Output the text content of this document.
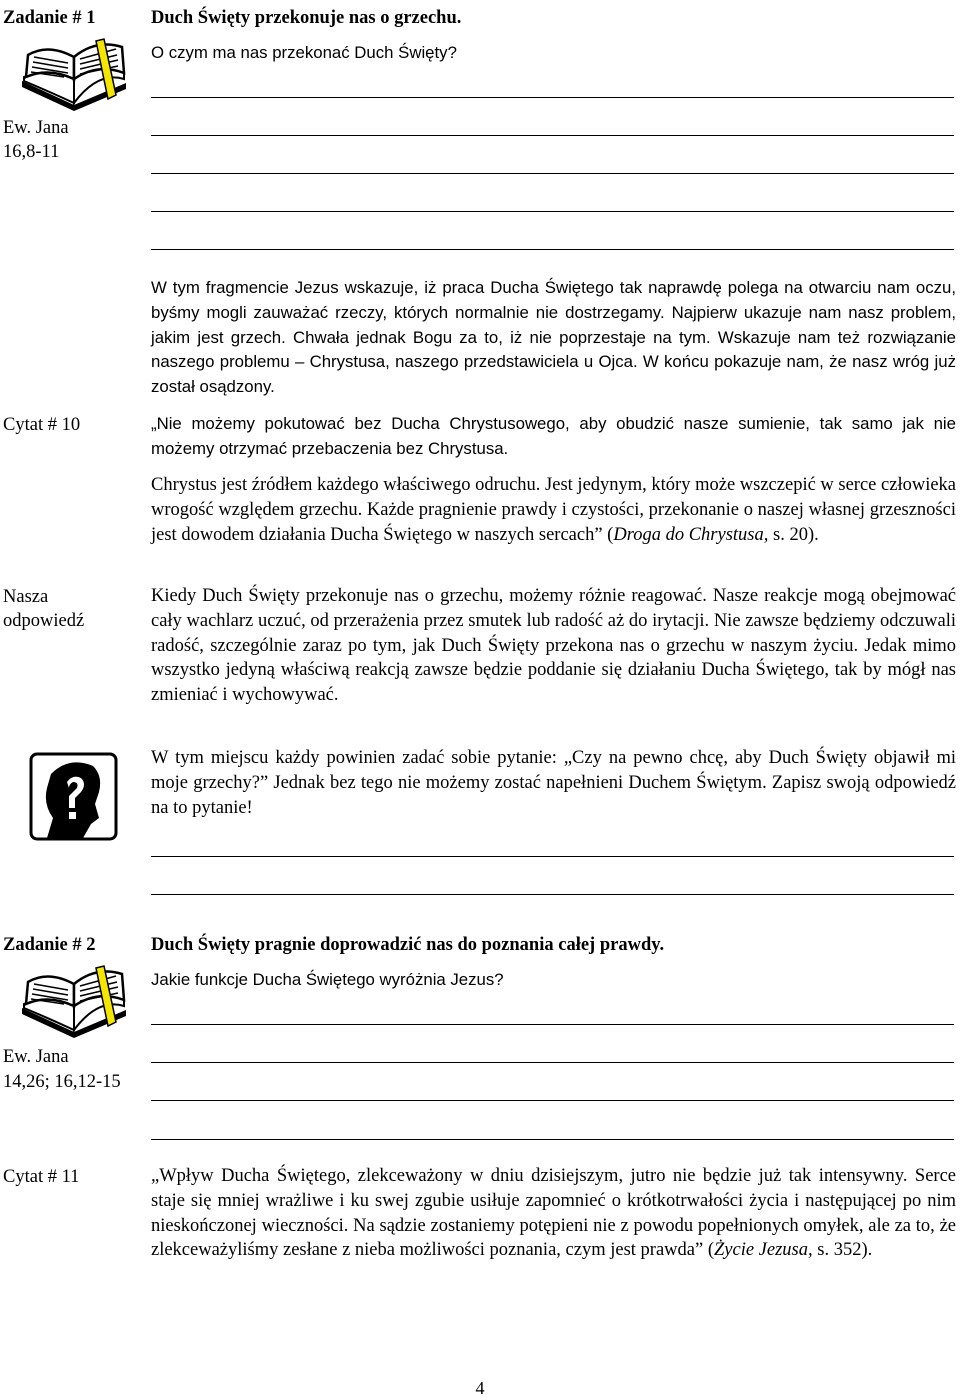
Zadanie # 1
Ew. Jana
16,8-11
Duch Święty przekonuje nas o grzechu.
O czym ma nas przekonać Duch Święty?
W tym fragmencie Jezus wskazuje, iż praca Ducha Świętego tak naprawdę polega na otwarciu nam oczu, byśmy mogli zauważać rzeczy, których normalnie nie dostrzegamy. Najpierw ukazuje nam nasz problem, jakim jest grzech. Chwała jednak Bogu za to, iż nie poprzestaje na tym. Wskazuje nam też rozwiązanie naszego problemu – Chrystusa, naszego przedstawiciela u Ojca. W końcu pokazuje nam, że nasz wróg już został osądzony.
Cytat # 10	„Nie możemy pokutować bez Ducha Chrystusowego, aby obudzić nasze sumienie, tak samo jak nie możemy otrzymać przebaczenia bez Chrystusa.
Chrystus jest źródłem każdego właściwego odruchu. Jest jedynym, który może wszczepić w serce człowieka wrogość względem grzechu. Każde pragnienie prawdy i czystości, przekonanie o naszej własnej grzeszności jest dowodem działania Ducha Świętego w naszych sercach” (Droga do Chrystusa, s. 20).
Nasza
odpowiedź
Kiedy Duch Święty przekonuje nas o grzechu, możemy różnie reagować. Nasze reakcje mogą obejmować cały wachlarz uczuć, od przerażenia przez smutek lub radość aż do irytacji. Nie zawsze będziemy odczuwali radość, szczególnie zaraz po tym, jak Duch Święty przekona nas o grzechu w naszym życiu. Jedak mimo wszystko jedyną właściwą reakcją zawsze będzie poddanie się działaniu Ducha Świętego, tak by mógł nas zmieniać i wychowywać.
W tym miejscu każdy powinien zadać sobie pytanie: „Czy na pewno chcę, aby Duch Święty objawił mi moje grzechy?” Jednak bez tego nie możemy zostać napełnieni Duchem Świętym. Zapisz swoją odpowiedź na to pytanie!
Zadanie # 2
Ew. Jana
14,26; 16,12-15
Duch Święty pragnie doprowadzić nas do poznania całej prawdy.
Jakie funkcje Ducha Świętego wyróżnia Jezus?
Cytat # 11	„Wpływ Ducha Świętego, zlekceważony w dniu dzisiejszym, jutro nie będzie już tak intensywny. Serce staje się mniej wrażliwe i ku swej zgubie usiłuje zapomnieć o krótkotrwałości życia i następującej po nim nieskończonej wieczności. Na sądzie zostaniemy potępieni nie z powodu popełnionych omyłek, ale za to, że zlekceważyliśmy zesłane z nieba możliwości poznania, czym jest prawda” (Życie Jezusa, s. 352).
4
